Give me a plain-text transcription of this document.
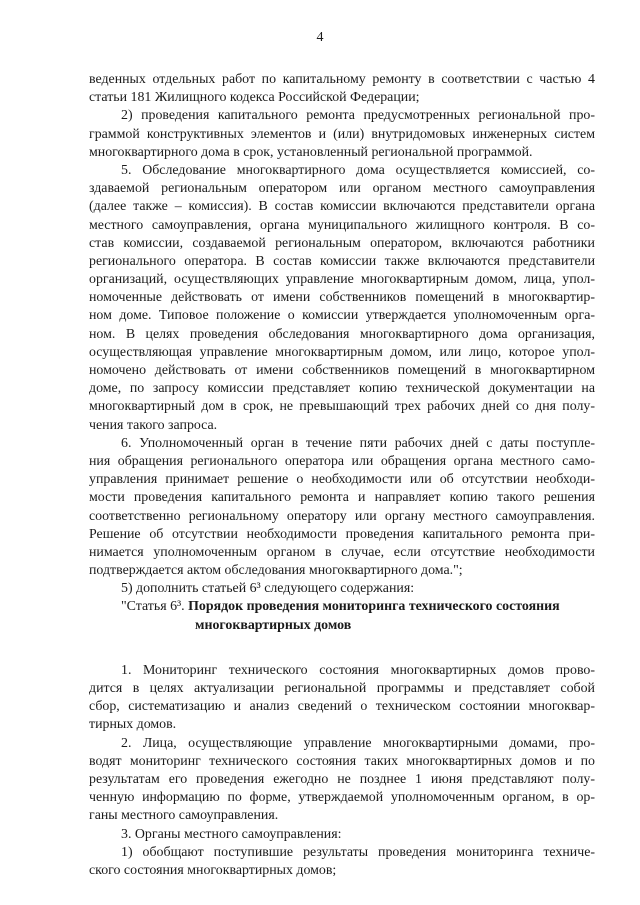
4
веденных отдельных работ по капитальному ремонту в соответствии с частью 4
статьи 181 Жилищного кодекса Российской Федерации;
2) проведения капитального ремонта предусмотренных региональной про-
граммой конструктивных элементов и (или) внутридомовых инженерных систем
многоквартирного дома в срок, установленный региональной программой.
5. Обследование многоквартирного дома осуществляется комиссией, со-
здаваемой региональным оператором или органом местного самоуправления
(далее также – комиссия). В состав комиссии включаются представители органа
местного самоуправления, органа муниципального жилищного контроля. В со-
став комиссии, создаваемой региональным оператором, включаются работники
регионального оператора. В состав комиссии также включаются представители
организаций, осуществляющих управление многоквартирным домом, лица, упол-
номоченные действовать от имени собственников помещений в многоквартир-
ном доме. Типовое положение о комиссии утверждается уполномоченным орга-
ном. В целях проведения обследования многоквартирного дома организация,
осуществляющая управление многоквартирным домом, или лицо, которое упол-
номочено действовать от имени собственников помещений в многоквартирном
доме, по запросу комиссии представляет копию технической документации на
многоквартирный дом в срок, не превышающий трех рабочих дней со дня полу-
чения такого запроса.
6. Уполномоченный орган в течение пяти рабочих дней с даты поступле-
ния обращения регионального оператора или обращения органа местного само-
управления принимает решение о необходимости или об отсутствии необходи-
мости проведения капитального ремонта и направляет копию такого решения
соответственно региональному оператору или органу местного самоуправления.
Решение об отсутствии необходимости проведения капитального ремонта при-
нимается уполномоченным органом в случае, если отсутствие необходимости
подтверждается актом обследования многоквартирного дома.";
5) дополнить статьей 6³ следующего содержания:
"Статья 6³. Порядок проведения мониторинга технического состояния
многоквартирных домов
1. Мониторинг технического состояния многоквартирных домов прово-
дится в целях актуализации региональной программы и представляет собой
сбор, систематизацию и анализ сведений о техническом состоянии многоквар-
тирных домов.
2. Лица, осуществляющие управление многоквартирными домами, про-
водят мониторинг технического состояния таких многоквартирных домов и по
результатам его проведения ежегодно не позднее 1 июня представляют полу-
ченную информацию по форме, утверждаемой уполномоченным органом, в ор-
ганы местного самоуправления.
3. Органы местного самоуправления:
1) обобщают поступившие результаты проведения мониторинга техниче-
ского состояния многоквартирных домов;
